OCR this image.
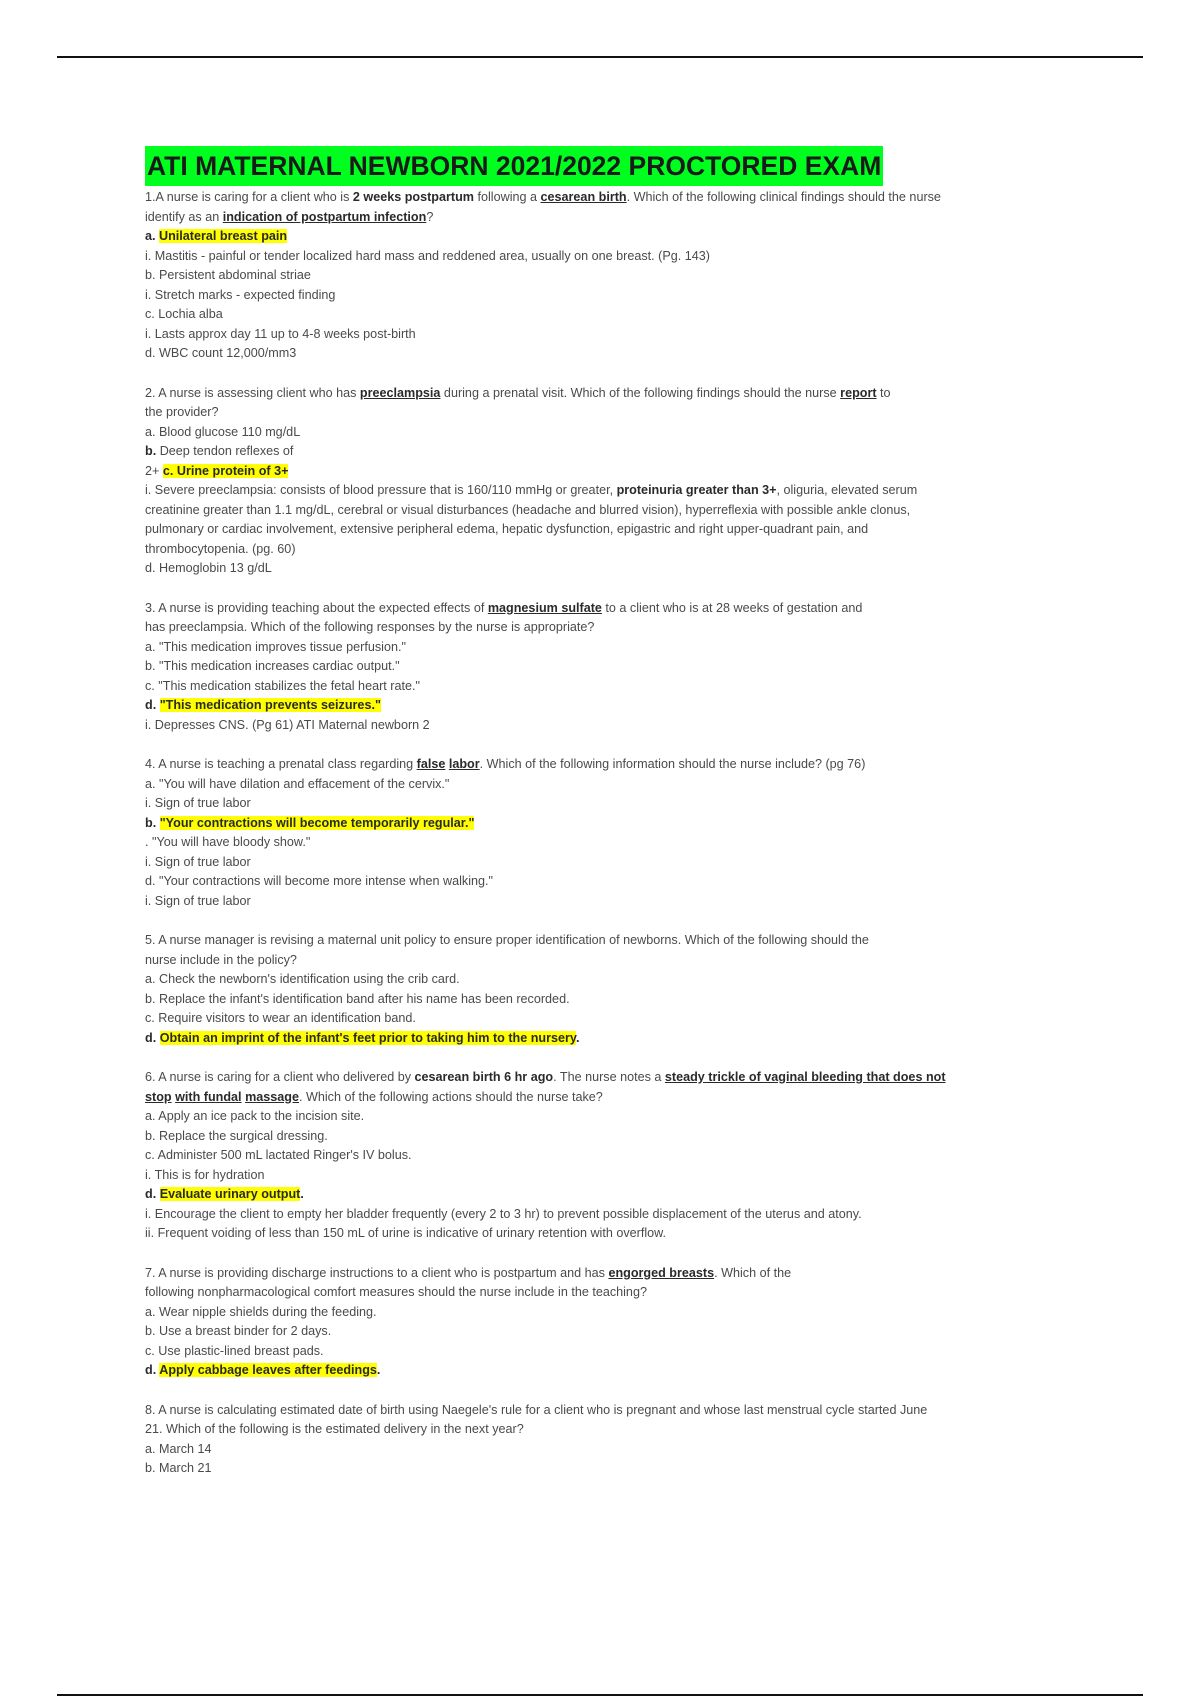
ATI MATERNAL NEWBORN 2021/2022 PROCTORED EXAM
1.A nurse is caring for a client who is 2 weeks postpartum following a cesarean birth. Which of the following clinical findings should the nurse
identify as an indication of postpartum infection?
a. Unilateral breast pain
i. Mastitis - painful or tender localized hard mass and reddened area, usually on one breast. (Pg. 143)
b. Persistent abdominal striae
i. Stretch marks - expected finding
c. Lochia alba
i. Lasts approx day 11 up to 4-8 weeks post-birth
d. WBC count 12,000/mm3
2. A nurse is assessing client who has preeclampsia during a prenatal visit. Which of the following findings should the nurse report to
the provider?
a. Blood glucose 110 mg/dL
b. Deep tendon reflexes of
2+ c. Urine protein of 3+
i. Severe preeclampsia: consists of blood pressure that is 160/110 mmHg or greater, proteinuria greater than 3+, oliguria, elevated serum
creatinine greater than 1.1 mg/dL, cerebral or visual disturbances (headache and blurred vision), hyperreflexia with possible ankle clonus,
pulmonary or cardiac involvement, extensive peripheral edema, hepatic dysfunction, epigastric and right upper-quadrant pain, and
thrombocytopenia. (pg. 60)
d. Hemoglobin 13 g/dL
3. A nurse is providing teaching about the expected effects of magnesium sulfate to a client who is at 28 weeks of gestation and
has preeclampsia. Which of the following responses by the nurse is appropriate?
a. "This medication improves tissue perfusion."
b. "This medication increases cardiac output."
c. "This medication stabilizes the fetal heart rate."
d. "This medication prevents seizures."
i. Depresses CNS. (Pg 61) ATI Maternal newborn 2
4. A nurse is teaching a prenatal class regarding false labor. Which of the following information should the nurse include? (pg 76)
a. "You will have dilation and effacement of the cervix."
i. Sign of true labor
b. "Your contractions will become temporarily regular."
. "You will have bloody show."
i. Sign of true labor
d. "Your contractions will become more intense when walking."
i. Sign of true labor
5. A nurse manager is revising a maternal unit policy to ensure proper identification of newborns. Which of the following should the
nurse include in the policy?
a. Check the newborn's identification using the crib card.
b. Replace the infant's identification band after his name has been recorded.
c. Require visitors to wear an identification band.
d. Obtain an imprint of the infant's feet prior to taking him to the nursery.
6. A nurse is caring for a client who delivered by cesarean birth 6 hr ago. The nurse notes a steady trickle of vaginal bleeding that does not
stop with fundal massage. Which of the following actions should the nurse take?
a. Apply an ice pack to the incision site.
b. Replace the surgical dressing.
c. Administer 500 mL lactated Ringer's IV bolus.
i. This is for hydration
d. Evaluate urinary output.
i. Encourage the client to empty her bladder frequently (every 2 to 3 hr) to prevent possible displacement of the uterus and atony.
ii. Frequent voiding of less than 150 mL of urine is indicative of urinary retention with overflow.
7. A nurse is providing discharge instructions to a client who is postpartum and has engorged breasts. Which of the
following nonpharmacological comfort measures should the nurse include in the teaching?
a. Wear nipple shields during the feeding.
b. Use a breast binder for 2 days.
c. Use plastic-lined breast pads.
d. Apply cabbage leaves after feedings.
8. A nurse is calculating estimated date of birth using Naegele's rule for a client who is pregnant and whose last menstrual cycle started June
21. Which of the following is the estimated delivery in the next year?
a. March 14
b. March 21
